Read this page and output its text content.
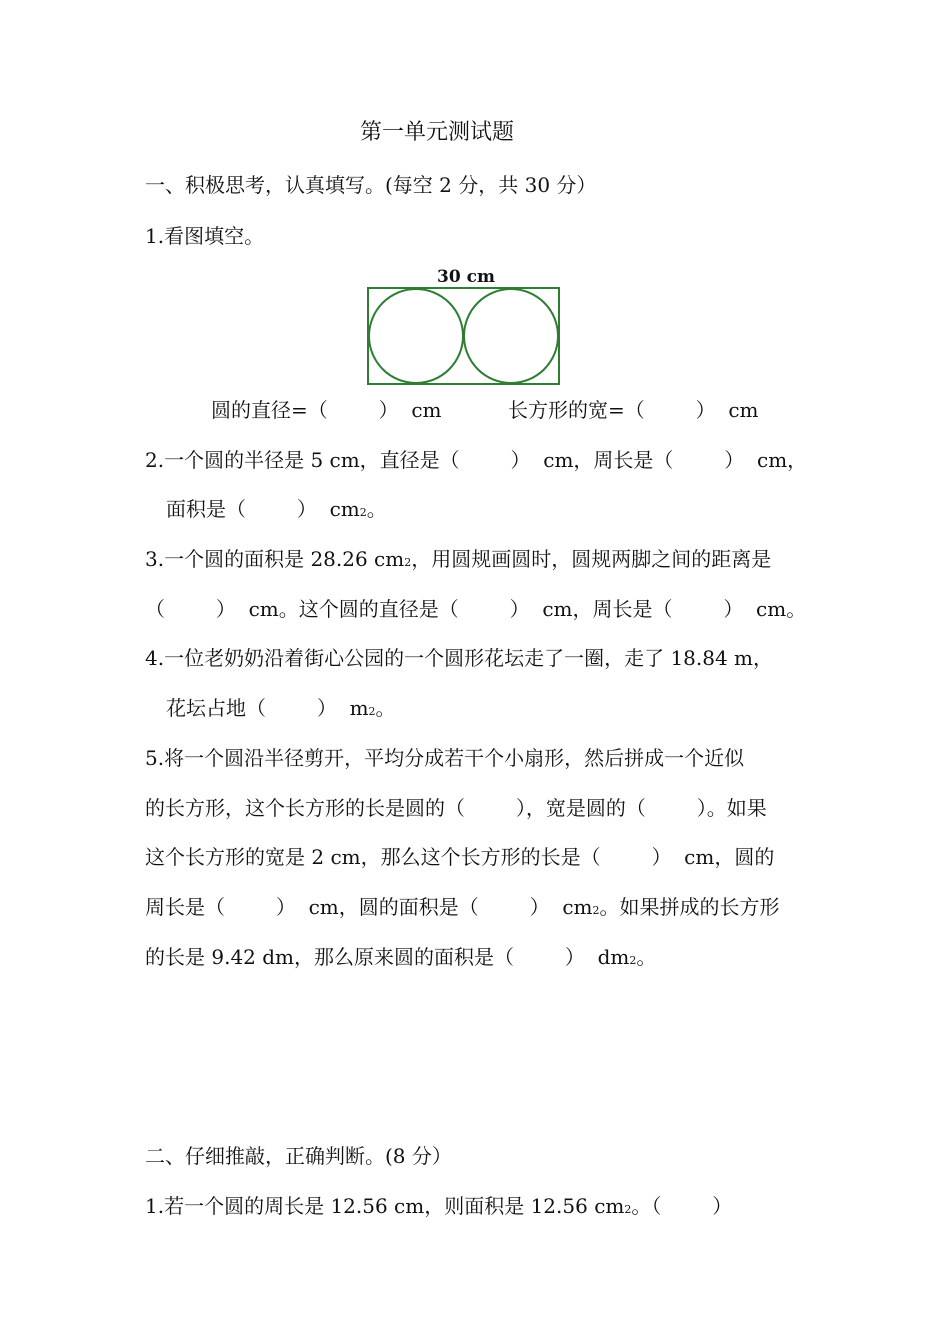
第一单元测试题
一、积极思考，认真填写。(每空 2 分，共 30 分）
1.看图填空。
30 cm
圆的直径=（        ）  cm	长方形的宽=（        ）  cm
2.一个圆的半径是 5 cm，直径是（        ）  cm，周长是（        ）  cm，
面积是（        ）  cm2。
3.一个圆的面积是 28.26 cm2，用圆规画圆时，圆规两脚之间的距离是
（        ）  cm。这个圆的直径是（        ）  cm，周长是（        ）  cm。
4.一位老奶奶沿着街心公园的一个圆形花坛走了一圈，走了 18.84 m，
花坛占地（        ）  m2。
5.将一个圆沿半径剪开，平均分成若干个小扇形，然后拼成一个近似
的长方形，这个长方形的长是圆的（        ），宽是圆的（        ）。如果
这个长方形的宽是 2 cm，那么这个长方形的长是（        ）  cm，圆的
周长是（        ）  cm，圆的面积是（        ）  cm2。如果拼成的长方形
的长是 9.42 dm，那么原来圆的面积是（        ）  dm2。
二、仔细推敲，正确判断。(8 分）
1.若一个圆的周长是 12.56 cm，则面积是 12.56 cm2。（        ）
